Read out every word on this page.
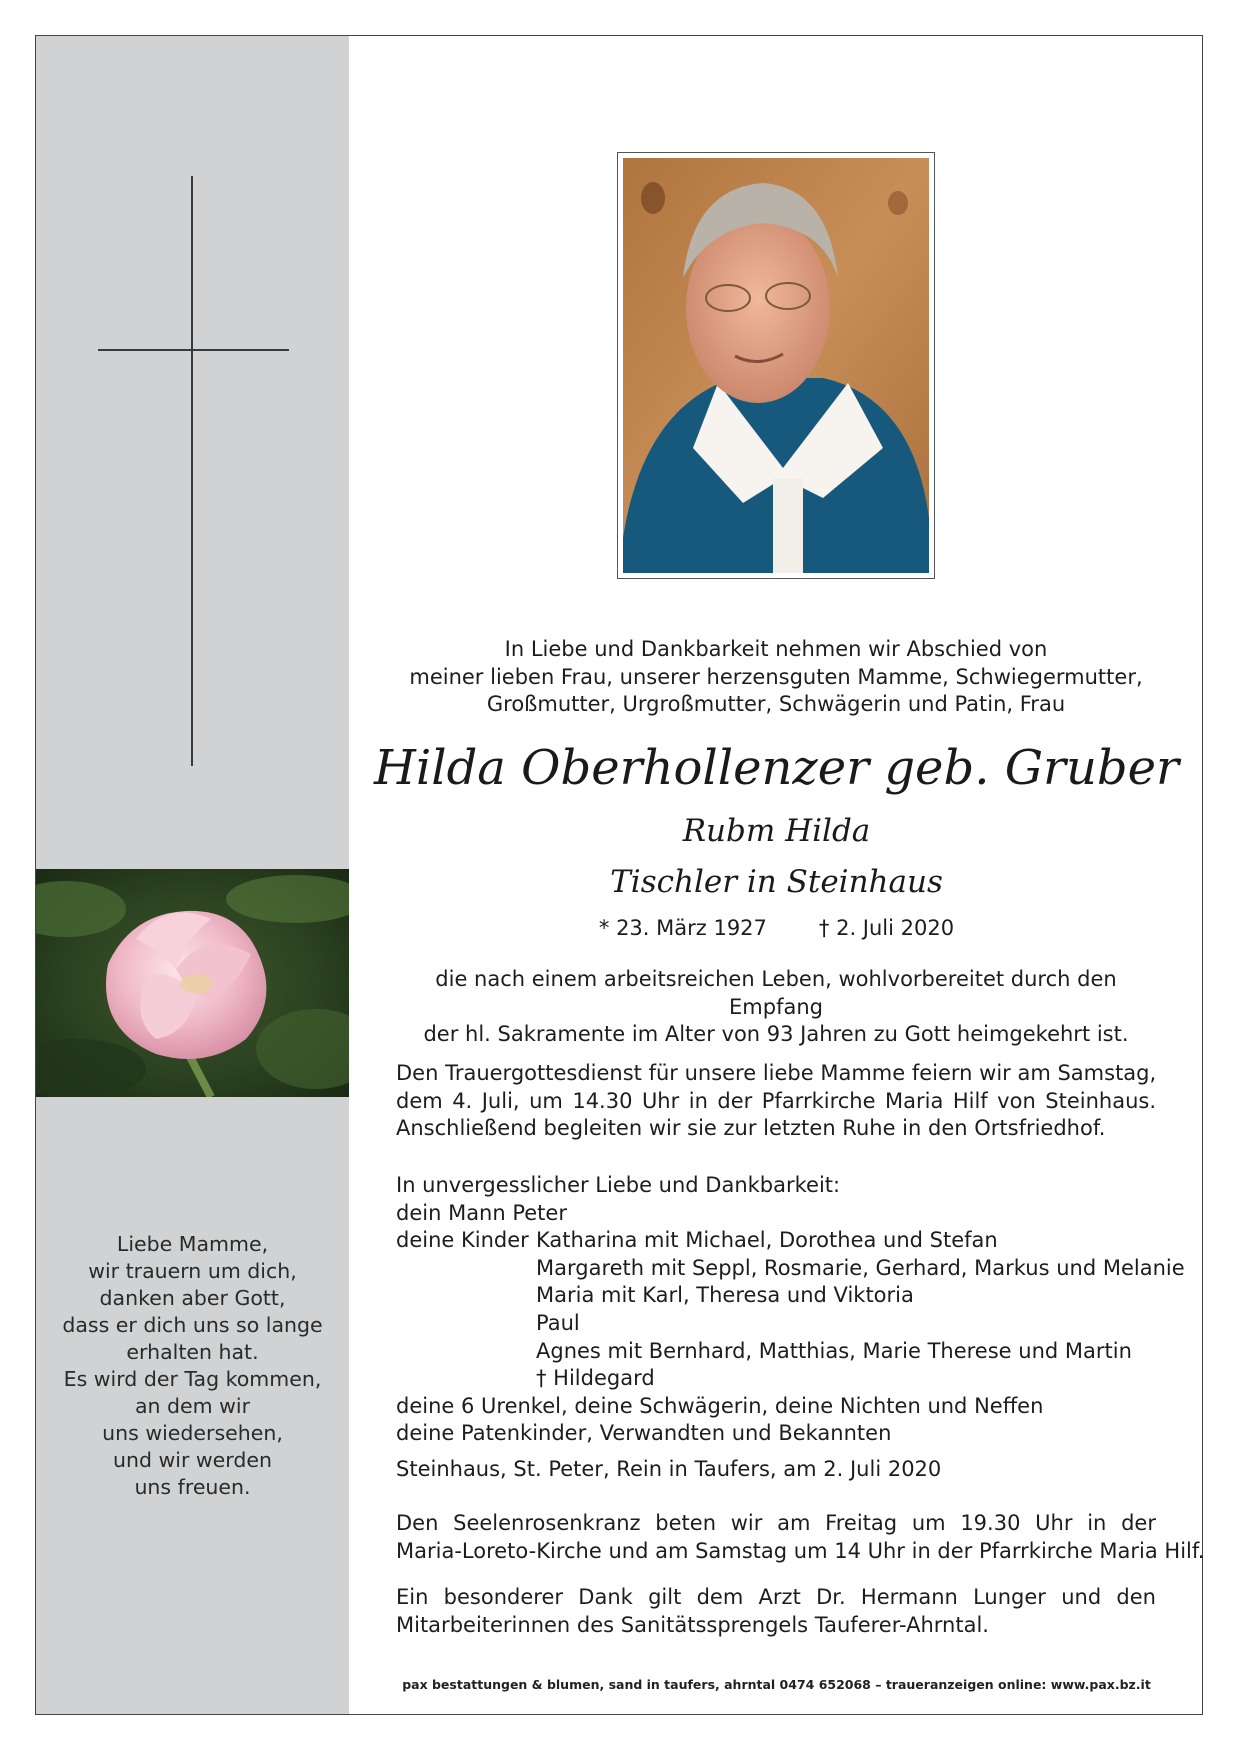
Liebe Mamme,
wir trauern um dich,
danken aber Gott,
dass er dich uns so lange
erhalten hat.
Es wird der Tag kommen,
an dem wir
uns wiedersehen,
und wir werden
uns freuen.
In Liebe und Dankbarkeit nehmen wir Abschied von
meiner lieben Frau, unserer herzensguten Mamme, Schwiegermutter,
Großmutter, Urgroßmutter, Schwägerin und Patin, Frau
Hilda Oberhollenzer geb. Gruber
Rubm Hilda
Tischler in Steinhaus
* 23. März 1927 † 2. Juli 2020
die nach einem arbeitsreichen Leben, wohlvorbereitet durch den Empfang
der hl. Sakramente im Alter von 93 Jahren zu Gott heimgekehrt ist.
Den Trauergottesdienst für unsere liebe Mamme feiern wir am Samstag,
dem 4. Juli, um 14.30 Uhr in der Pfarrkirche Maria Hilf von Steinhaus.
Anschließend begleiten wir sie zur letzten Ruhe in den Ortsfriedhof.
In unvergesslicher Liebe und Dankbarkeit:
dein Mann Peter
deine Kinder Katharina mit Michael, Dorothea und Stefan
Margareth mit Seppl, Rosmarie, Gerhard, Markus und Melanie
Maria mit Karl, Theresa und Viktoria
Paul
Agnes mit Bernhard, Matthias, Marie Therese und Martin
† Hildegard
deine 6 Urenkel, deine Schwägerin, deine Nichten und Neffen
deine Patenkinder, Verwandten und Bekannten
Steinhaus, St. Peter, Rein in Taufers, am 2. Juli 2020
Den Seelenrosenkranz beten wir am Freitag um 19.30 Uhr in der
Maria-Loreto-Kirche und am Samstag um 14 Uhr in der Pfarrkirche Maria Hilf.
Ein besonderer Dank gilt dem Arzt Dr. Hermann Lunger und den
Mitarbeiterinnen des Sanitätssprengels Tauferer-Ahrntal.
pax bestattungen & blumen, sand in taufers, ahrntal 0474 652068 – traueranzeigen online: www.pax.bz.it
